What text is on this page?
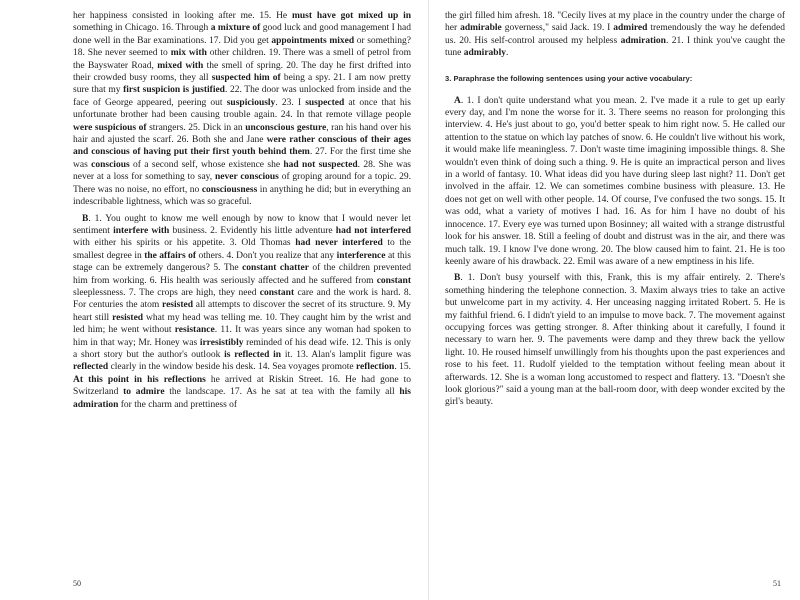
her happiness consisted in looking after me. 15. He must have got mixed up in something in Chicago. 16. Through a mixture of good luck and good management I had done well in the Bar examinations. 17. Did you get appointments mixed or something? 18. She never seemed to mix with other children. 19. There was a smell of petrol from the Bayswater Road, mixed with the smell of spring. 20. The day he first drifted into their crowded busy rooms, they all suspected him of being a spy. 21. I am now pretty sure that my first suspicion is justified. 22. The door was unlocked from inside and the face of George appeared, peering out suspiciously. 23. I suspected at once that his unfortunate brother had been causing trouble again. 24. In that remote village people were suspicious of strangers. 25. Dick in an unconscious gesture, ran his hand over his hair and ajusted the scarf. 26. Both she and Jane were rather conscious of their ages and conscious of having put their first youth behind them. 27. For the first time she was conscious of a second self, whose existence she had not suspected. 28. She was never at a loss for something to say, never conscious of groping around for a topic. 29. There was no noise, no effort, no consciousness in anything he did; but in everything an indescribable lightness, which was so graceful.

B. 1. You ought to know me well enough by now to know that I would never let sentiment interfere with business. 2. Evidently his little adventure had not interfered with either his spirits or his appetite. 3. Old Thomas had never interfered to the smallest degree in the affairs of others. 4. Don't you realize that any interference at this stage can be extremely dangerous? 5. The constant chatter of the children prevented him from working. 6. His health was seriously affected and he suffered from constant sleeplessness. 7. The crops are high, they need constant care and the work is hard. 8. For centuries the atom resisted all attempts to discover the secret of its structure. 9. My heart still resisted what my head was telling me. 10. They caught him by the wrist and led him; he went without resistance. 11. It was years since any woman had spoken to him in that way; Mr. Honey was irresistibly reminded of his dead wife. 12. This is only a short story but the author's outlook is reflected in it. 13. Alan's lamplit figure was reflected clearly in the window beside his desk. 14. Sea voyages promote reflection. 15. At this point in his reflections he arrived at Riskin Street. 16. He had gone to Switzerland to admire the landscape. 17. As he sat at tea with the family all his admiration for the charm and prettiness of

50

the girl filled him afresh. 18. "Cecily lives at my place in the country under the charge of her admirable governess," said Jack. 19. I admired tremendously the way he defended us. 20. His self-control aroused my helpless admiration. 21. I think you've caught the tune admirably.

3. Paraphrase the following sentences using your active vocabulary:

A. 1. I don't quite understand what you mean. 2. I've made it a rule to get up early every day, and I'm none the worse for it. 3. There seems no reason for prolonging this interview. 4. He's just about to go, you'd better speak to him right now. 5. He called our attention to the statue on which lay patches of snow. 6. He couldn't live without his work, it would make life meaningless. 7. Don't waste time imagining impossible things. 8. She wouldn't even think of doing such a thing. 9. He is quite an impractical person and lives in a world of fantasy. 10. What ideas did you have during sleep last night? 11. Don't get involved in the affair. 12. We can sometimes combine business with pleasure. 13. He does not get on well with other people. 14. Of course, I've confused the two songs. 15. It was odd, what a variety of motives I had. 16. As for him I have no doubt of his innocence. 17. Every eye was turned upon Bosinney; all waited with a strange distrustful look for his answer. 18. Still a feeling of doubt and distrust was in the air, and there was much talk. 19. I know I've done wrong. 20. The blow caused him to faint. 21. He is too keenly aware of his drawback. 22. Emil was aware of a new emptiness in his life.

B. 1. Don't busy yourself with this, Frank, this is my affair entirely. 2. There's something hindering the telephone connection. 3. Maxim always tries to take an active but unwelcome part in my activity. 4. Her unceasing nagging irritated Robert. 5. He is my faithful friend. 6. I didn't yield to an impulse to move back. 7. The movement against occupying forces was getting stronger. 8. After thinking about it carefully, I found it necessary to warn her. 9. The pavements were damp and they threw back the yellow light. 10. He roused himself unwillingly from his thoughts upon the past experiences and rose to his feet. 11. Rudolf yielded to the temptation without feeling mean about it afterwards. 12. She is a woman long accustomed to respect and flattery. 13. "Doesn't she look glorious?" said a young man at the ball-room door, with deep wonder excited by the girl's beauty.

51
